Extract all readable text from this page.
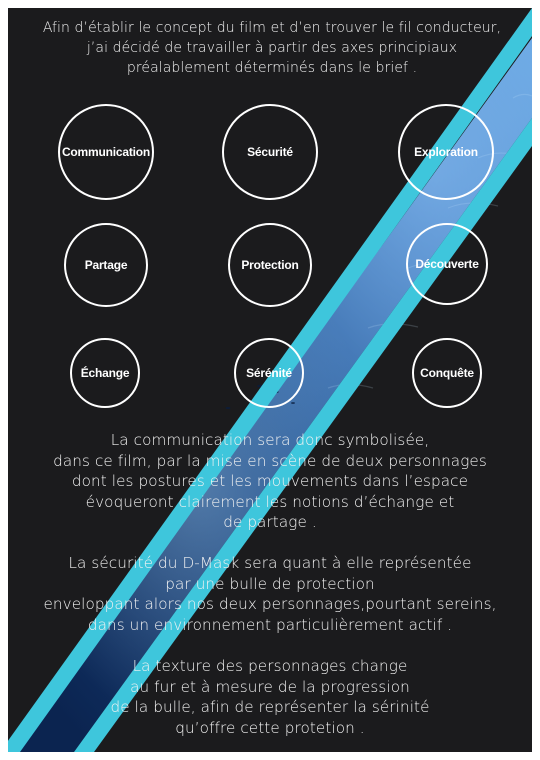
Afin d’établir le concept du film et d’en trouver le fil conducteur,
j’ai décidé de travailler à partir des axes principiaux
préalablement déterminés dans le brief .

Communication	Sécurité	Exploration
Partage	Protection	Découverte
Échange	Sérénité	Conquête

La communication sera donc symbolisée,
dans ce film, par la mise en scène de deux personnages
dont les postures et les mouvements dans l’espace
évoqueront clairement les notions d’échange et
de partage .

La sécurité du D-Mask sera quant à elle représentée
par une bulle de protection
enveloppant alors nos deux personnages,pourtant sereins,
dans un environnement particulièrement actif .

La texture des personnages change
au fur et à mesure de la progression
de la bulle, afin de représenter la sérinité
qu’offre cette protetion .
